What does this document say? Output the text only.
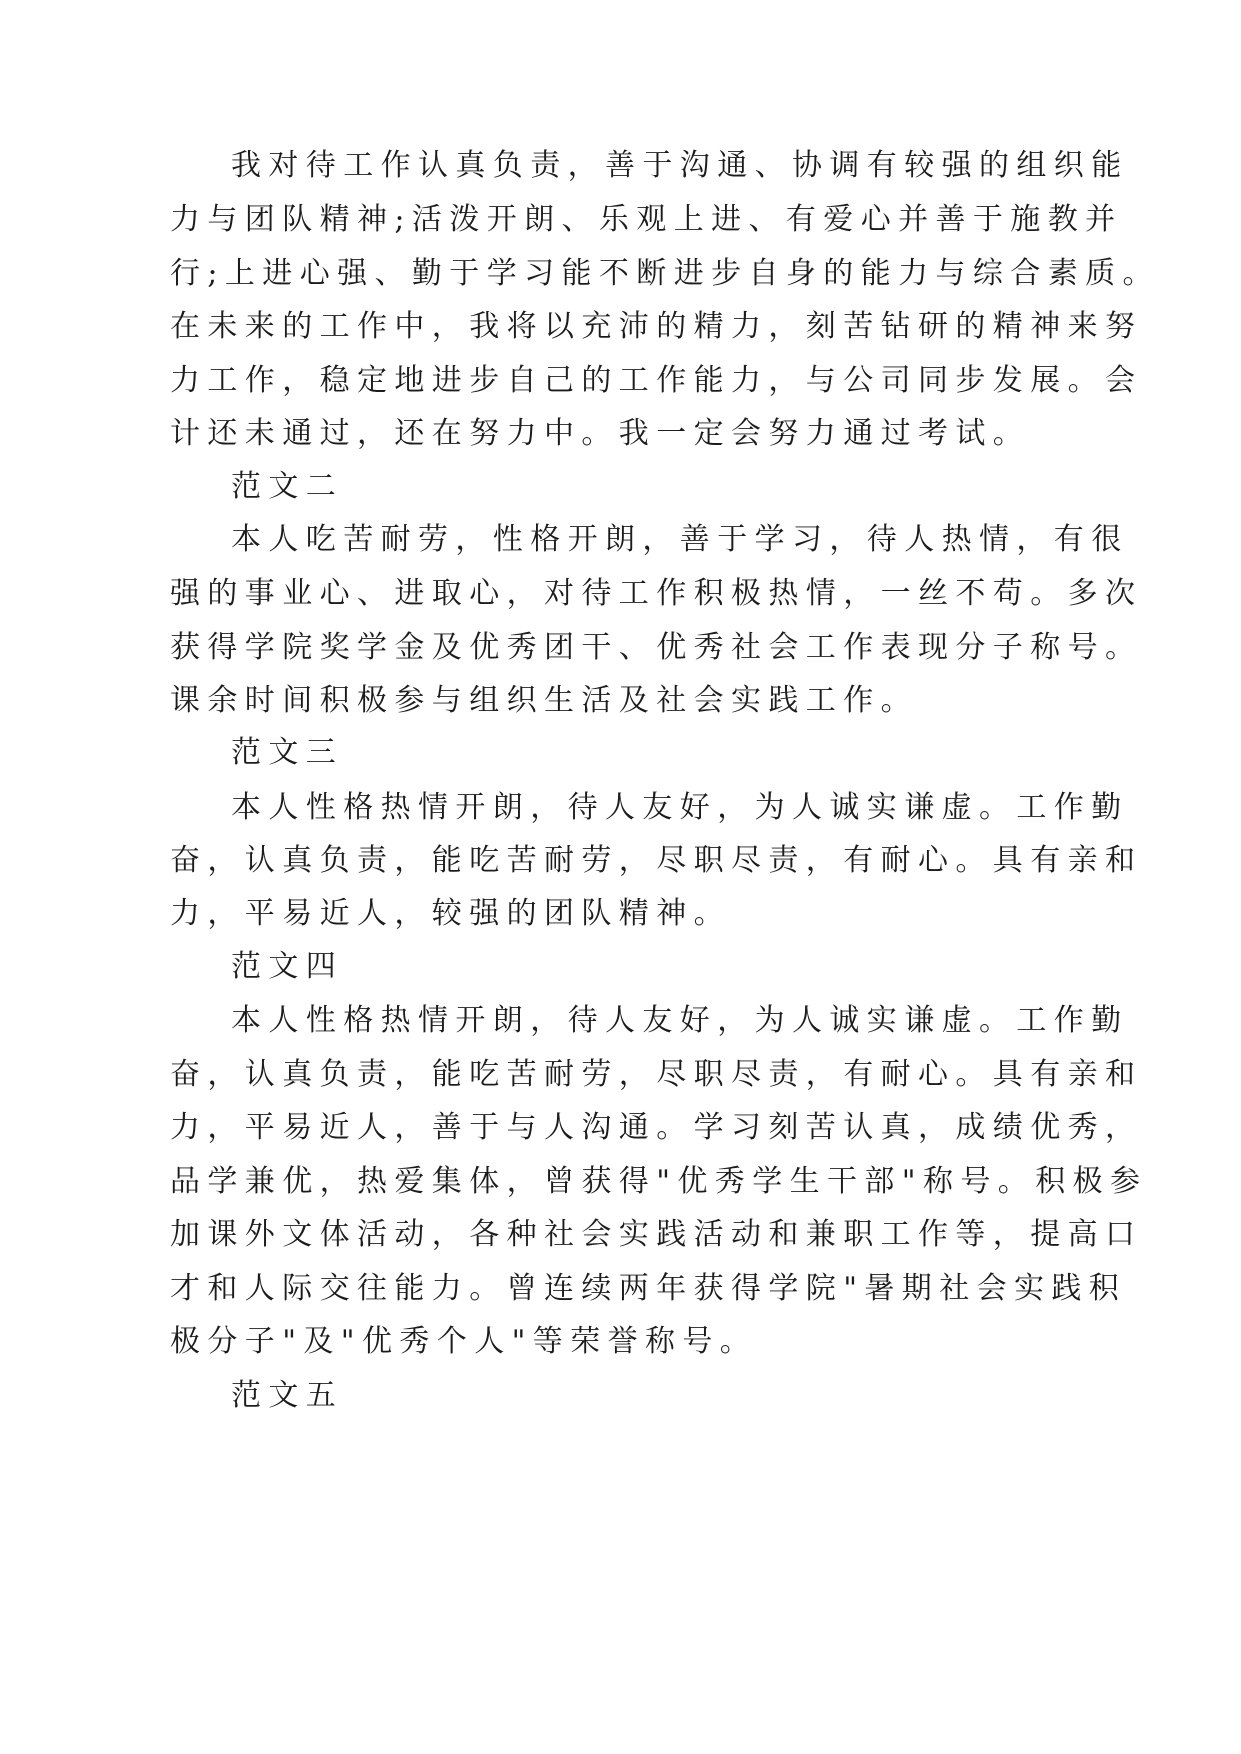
我对待工作认真负责，善于沟通、协调有较强的组织能

力与团队精神;活泼开朗、乐观上进、有爱心并善于施教并

行;上进心强、勤于学习能不断进步自身的能力与综合素质。

在未来的工作中，我将以充沛的精力，刻苦钻研的精神来努

力工作，稳定地进步自己的工作能力，与公司同步发展。会

计还未通过，还在努力中。我一定会努力通过考试。

范文二

本人吃苦耐劳，性格开朗，善于学习，待人热情，有很

强的事业心、进取心，对待工作积极热情，一丝不苟。多次

获得学院奖学金及优秀团干、优秀社会工作表现分子称号。

课余时间积极参与组织生活及社会实践工作。

范文三

本人性格热情开朗，待人友好，为人诚实谦虚。工作勤

奋，认真负责，能吃苦耐劳，尽职尽责，有耐心。具有亲和

力，平易近人，较强的团队精神。

范文四

本人性格热情开朗，待人友好，为人诚实谦虚。工作勤

奋，认真负责，能吃苦耐劳，尽职尽责，有耐心。具有亲和

力，平易近人，善于与人沟通。学习刻苦认真，成绩优秀，

品学兼优，热爱集体，曾获得"优秀学生干部"称号。积极参

加课外文体活动，各种社会实践活动和兼职工作等，提高口

才和人际交往能力。曾连续两年获得学院"暑期社会实践积

极分子"及"优秀个人"等荣誉称号。

范文五
